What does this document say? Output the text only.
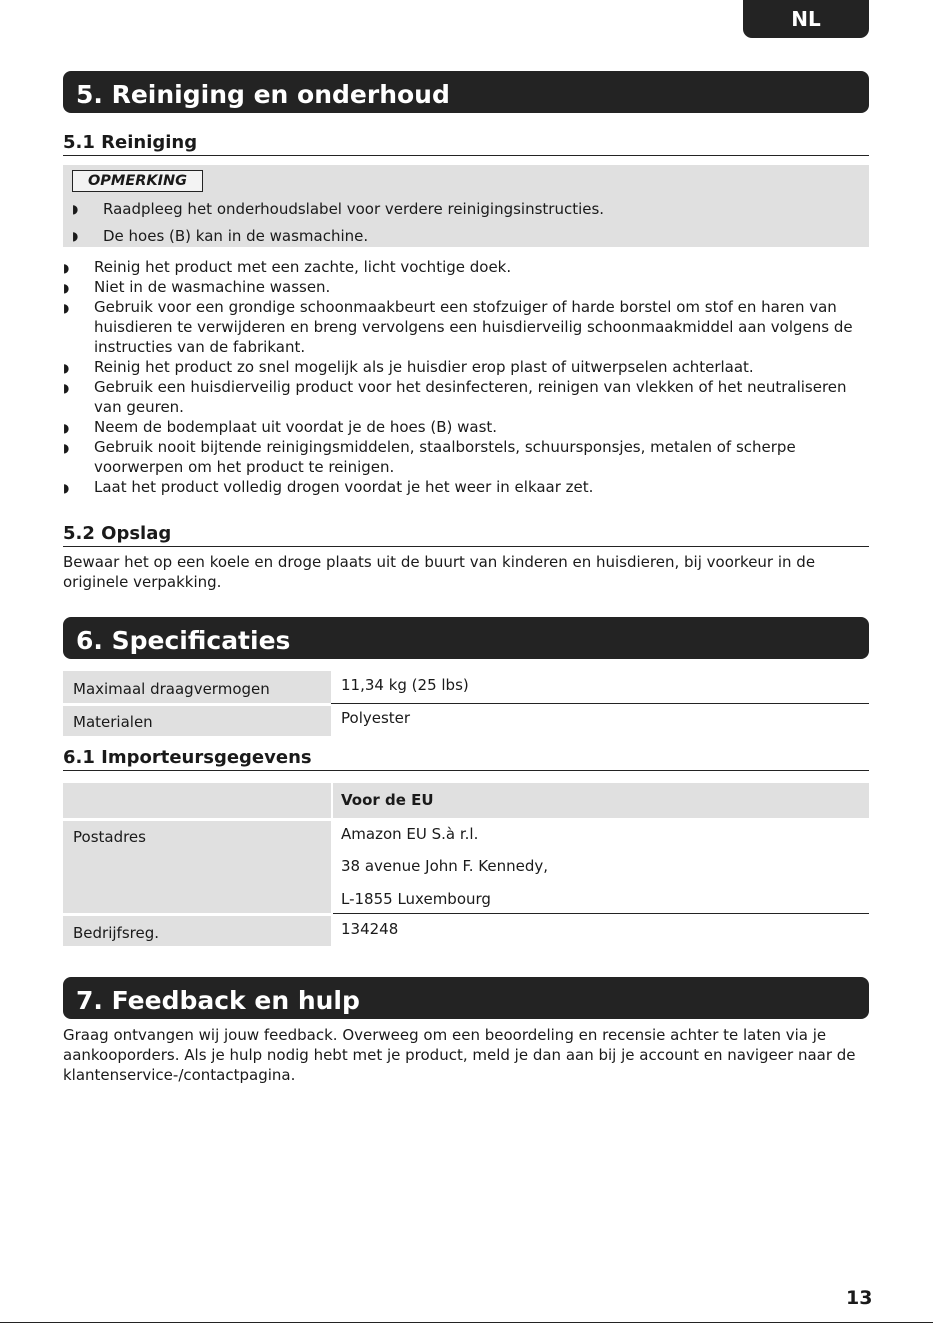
NL
5. Reiniging en onderhoud
5.1 Reiniging
OPMERKING
◗ Raadpleeg het onderhoudslabel voor verdere reinigingsinstructies.
◗ De hoes (B) kan in de wasmachine.
◗ Reinig het product met een zachte, licht vochtige doek.
◗ Niet in de wasmachine wassen.
◗ Gebruik voor een grondige schoonmaakbeurt een stofzuiger of harde borstel om stof en haren van huisdieren te verwijderen en breng vervolgens een huisdierveilig schoonmaakmiddel aan volgens de instructies van de fabrikant.
◗ Reinig het product zo snel mogelijk als je huisdier erop plast of uitwerpselen achterlaat.
◗ Gebruik een huisdierveilig product voor het desinfecteren, reinigen van vlekken of het neutraliseren van geuren.
◗ Neem de bodemplaat uit voordat je de hoes (B) wast.
◗ Gebruik nooit bijtende reinigingsmiddelen, staalborstels, schuursponsjes, metalen of scherpe voorwerpen om het product te reinigen.
◗ Laat het product volledig drogen voordat je het weer in elkaar zet.
5.2 Opslag
Bewaar het op een koele en droge plaats uit de buurt van kinderen en huisdieren, bij voorkeur in de originele verpakking.
6. Specificaties
Maximaal draagvermogen	11,34 kg (25 lbs)
Materialen	Polyester
6.1 Importeursgegevens
Voor de EU
Postadres	Amazon EU S.à r.l.
38 avenue John F. Kennedy,
L-1855 Luxembourg
Bedrijfsreg.	134248
7. Feedback en hulp
Graag ontvangen wij jouw feedback. Overweeg om een beoordeling en recensie achter te laten via je aankooporders. Als je hulp nodig hebt met je product, meld je dan aan bij je account en navigeer naar de klantenservice-/contactpagina.
13
